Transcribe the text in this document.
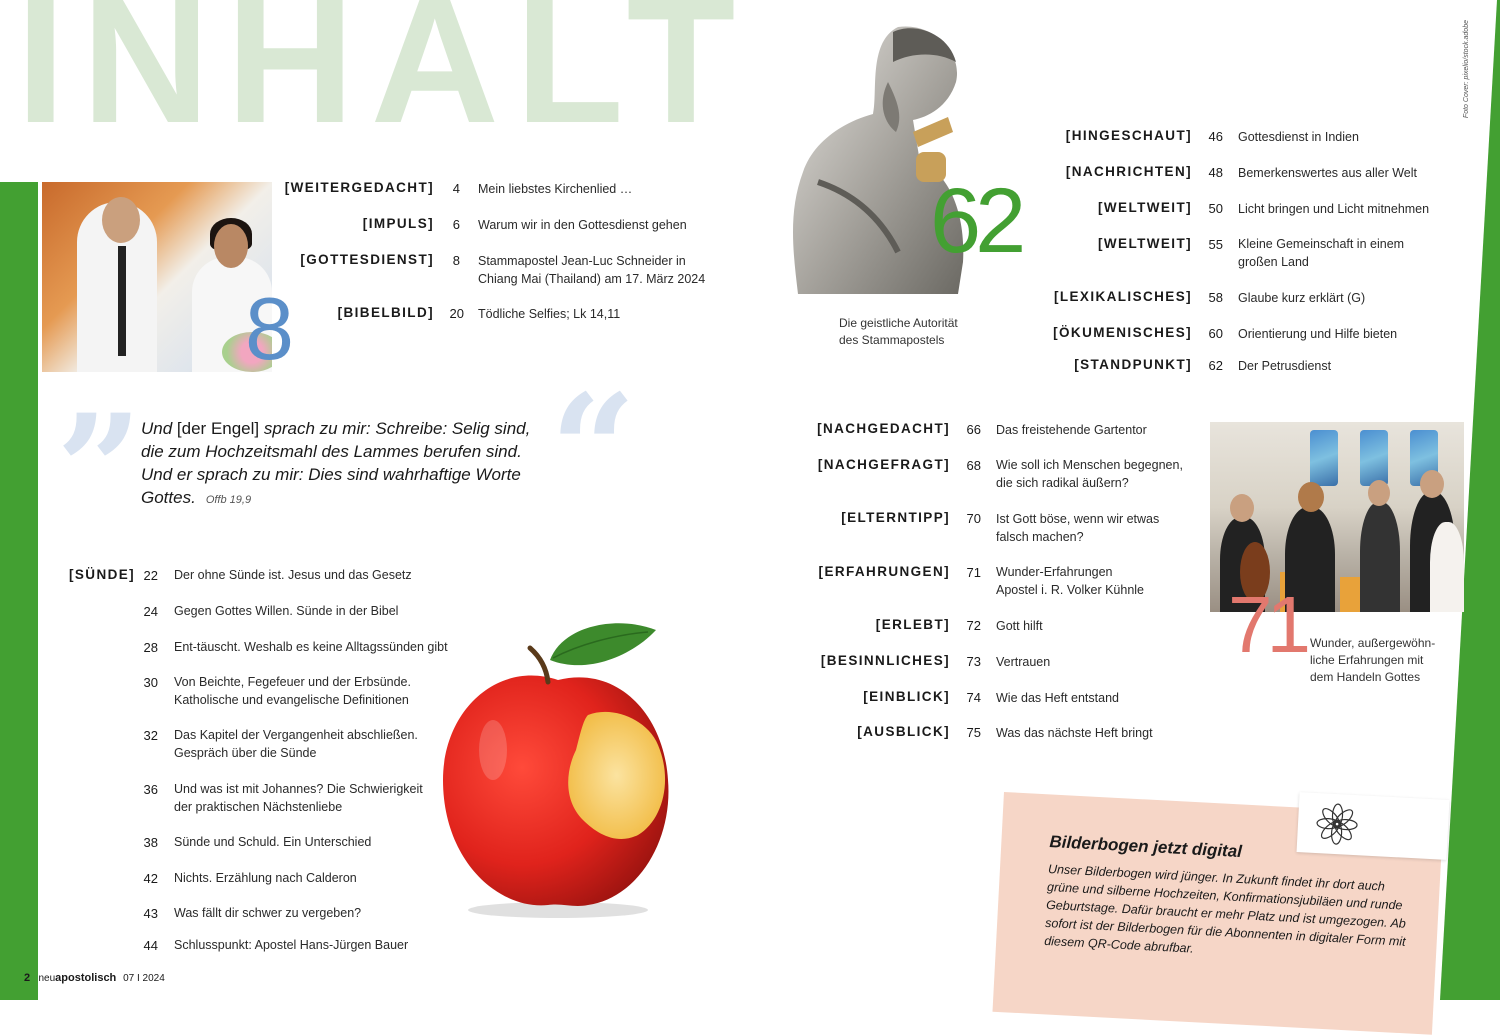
INHALT	Foto Cover: pixelio/stock.adobe
8
[WEITERGEDACHT]	4 Mein liebstes Kirchenlied …
[IMPULS]	6 Warum wir in den Gottesdienst gehen
[GOTTESDIENST]	8 Stammapostel Jean-Luc Schneider in
Chiang Mai (Thailand) am 17. März 2024
[BIBELBILD]	20 Tödliche Selfies; Lk 14,11
”	“
Und [der Engel] sprach zu mir: Schreibe: Selig sind, die zum Hochzeitsmahl des Lammes berufen sind. Und er sprach zu mir: Dies sind wahrhaftige Worte Gottes. Offb 19,9
[SÜNDE] 22 Der ohne Sünde ist. Jesus und das Gesetz
24 Gegen Gottes Willen. Sünde in der Bibel
28 Ent-täuscht. Weshalb es keine Alltagssünden gibt
30 Von Beichte, Fegefeuer und der Erbsünde.
Katholische und evangelische Definitionen
32 Das Kapitel der Vergangenheit abschließen.
Gespräch über die Sünde
36 Und was ist mit Johannes? Die Schwierigkeit
der praktischen Nächstenliebe
38 Sünde und Schuld. Ein Unterschied
42 Nichts. Erzählung nach Calderon
43 Was fällt dir schwer zu vergeben?
44 Schlusspunkt: Apostel Hans-Jürgen Bauer
62
Die geistliche Autorität
des Stammapostels
[HINGESCHAUT]	46 Gottesdienst in Indien
[NACHRICHTEN]	48 Bemerkenswertes aus aller Welt
[WELTWEIT]	50 Licht bringen und Licht mitnehmen
[WELTWEIT]	55 Kleine Gemeinschaft in einem
großen Land
[LEXIKALISCHES]	58 Glaube kurz erklärt (G)
[ÖKUMENISCHES]	60 Orientierung und Hilfe bieten
[STANDPUNKT]	62 Der Petrusdienst
[NACHGEDACHT]	66 Das freistehende Gartentor
[NACHGEFRAGT]	68 Wie soll ich Menschen begegnen,
die sich radikal äußern?
[ELTERNTIPP]	70 Ist Gott böse, wenn wir etwas
falsch machen?
[ERFAHRUNGEN]	71 Wunder-Erfahrungen
Apostel i. R. Volker Kühnle
[ERLEBT]	72 Gott hilft
[BESINNLICHES]	73 Vertrauen
[EINBLICK]	74 Wie das Heft entstand
[AUSBLICK]	75 Was das nächste Heft bringt
71 Wunder, außergewöhn-
liche Erfahrungen mit
dem Handeln Gottes
Bilderbogen jetzt digital
Unser Bilderbogen wird jünger. In Zukunft findet ihr dort auch grüne und silberne Hochzeiten, Konfirmationsjubiläen und runde Geburtstage. Dafür braucht er mehr Platz und ist umgezogen. Ab sofort ist der Bilderbogen für die Abonnenten in digitaler Form mit diesem QR-Code abrufbar.
2 neuapostolisch 07 I 2024
